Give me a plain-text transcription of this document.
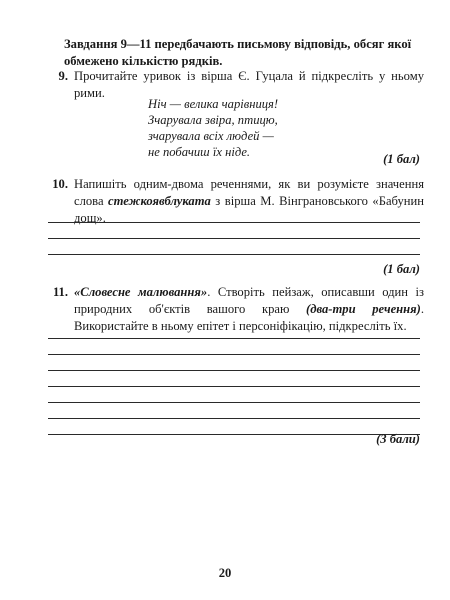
Завдання 9—11 передбачають письмову відповідь, обсяг якої обмежено кількістю рядків.
9. Прочитайте уривок із вірша Є. Гуцала й підкресліть у ньому рими.
Ніч — велика чарівниця!
Зчарувала звіра, птицю,
зчарувала всіх людей —
не побачиш їх ніде.	(1 бал)
10. Напишіть одним-двома реченнями, як ви розумієте значення слова стежкоявблуката з вірша М. Вінграновського «Бабунин дощ».
(1 бал)
11. «Словесне малювання». Створіть пейзаж, описавши один із природних об'єктів вашого краю (два-три речення). Використайте в ньому епітет і персоніфікацію, підкресліть їх.
(3 бали)
20
